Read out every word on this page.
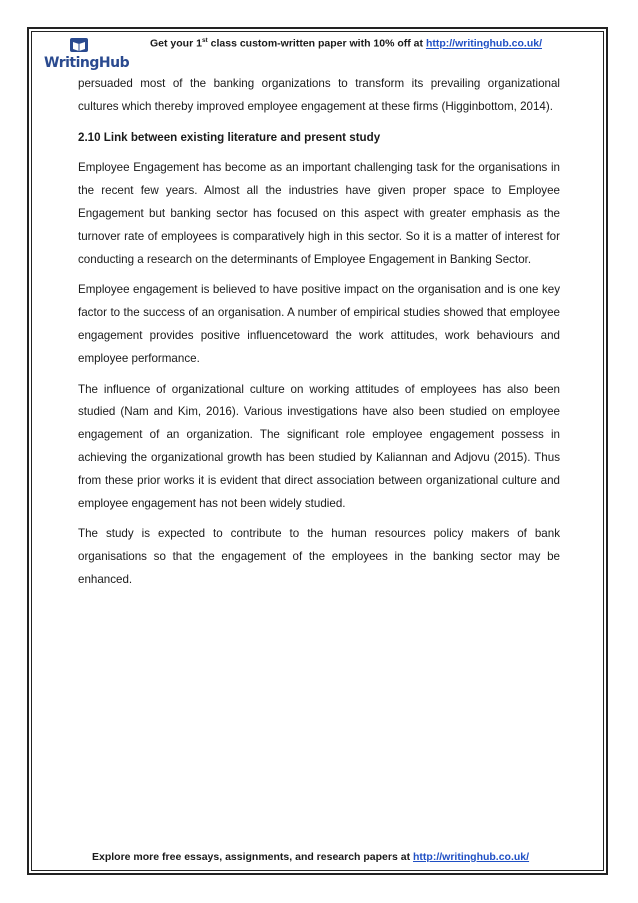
WritingHub
Get your 1st class custom-written paper with 10% off at http://writinghub.co.uk/

persuaded most of the banking organizations to transform its prevailing organizational cultures which thereby improved employee engagement at these firms (Higginbottom, 2014).

2.10 Link between existing literature and present study

Employee Engagement has become as an important challenging task for the organisations in the recent few years. Almost all the industries have given proper space to Employee Engagement but banking sector has focused on this aspect with greater emphasis as the turnover rate of employees is comparatively high in this sector. So it is a matter of interest for conducting a research on the determinants of Employee Engagement in Banking Sector.

Employee engagement is believed to have positive impact on the organisation and is one key factor to the success of an organisation. A number of empirical studies showed that employee engagement provides positive influencetoward the work attitudes, work behaviours and employee performance.

The influence of organizational culture on working attitudes of employees has also been studied (Nam and Kim, 2016). Various investigations have also been studied on employee engagement of an organization. The significant role employee engagement possess in achieving the organizational growth has been studied by Kaliannan and Adjovu (2015). Thus from these prior works it is evident that direct association between organizational culture and employee engagement has not been widely studied.

The study is expected to contribute to the human resources policy makers of bank organisations so that the engagement of the employees in the banking sector may be enhanced.

Explore more free essays, assignments, and research papers at http://writinghub.co.uk/
